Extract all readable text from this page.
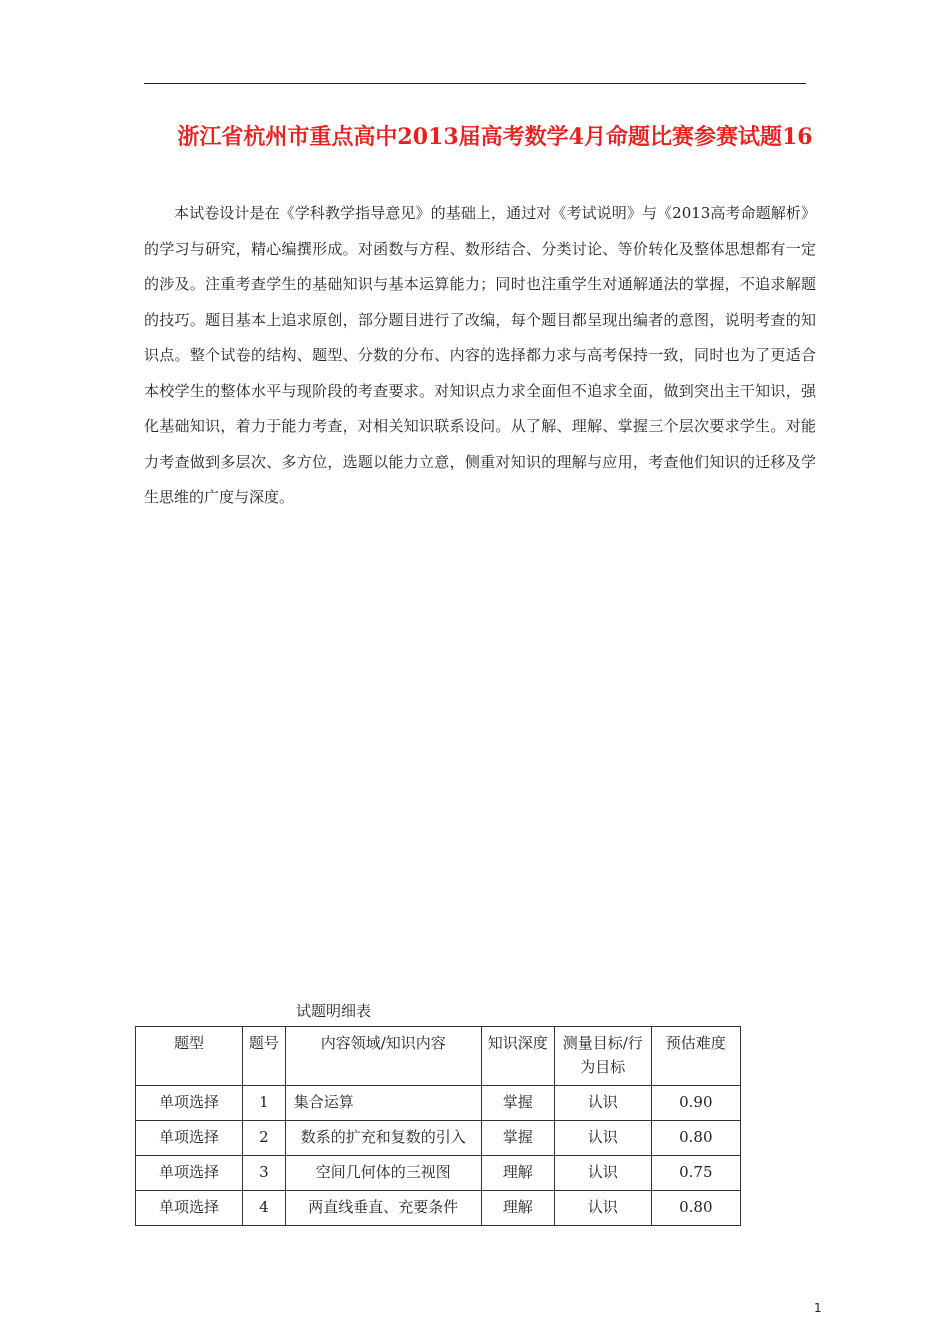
浙江省杭州市重点高中2013届高考数学4月命题比赛参赛试题16

本试卷设计是在《学科教学指导意见》的基础上，通过对《考试说明》与《2013高考命题解析》的学习与研究，精心编撰形成。对函数与方程、数形结合、分类讨论、等价转化及整体思想都有一定的涉及。注重考查学生的基础知识与基本运算能力；同时也注重学生对通解通法的掌握，不追求解题的技巧。题目基本上追求原创，部分题目进行了改编，每个题目都呈现出编者的意图，说明考查的知识点。整个试卷的结构、题型、分数的分布、内容的选择都力求与高考保持一致，同时也为了更适合本校学生的整体水平与现阶段的考查要求。对知识点力求全面但不追求全面，做到突出主干知识，强化基础知识，着力于能力考查，对相关知识联系设问。从了解、理解、掌握三个层次要求学生。对能力考查做到多层次、多方位，选题以能力立意，侧重对知识的理解与应用，考查他们知识的迁移及学生思维的广度与深度。

试题明细表
题型	题号	内容领域/知识内容	知识深度	测量目标/行为目标	预估难度
单项选择	1	集合运算	掌握	认识	0.90
单项选择	2	数系的扩充和复数的引入	掌握	认识	0.80
单项选择	3	空间几何体的三视图	理解	认识	0.75
单项选择	4	两直线垂直、充要条件	理解	认识	0.80
1
